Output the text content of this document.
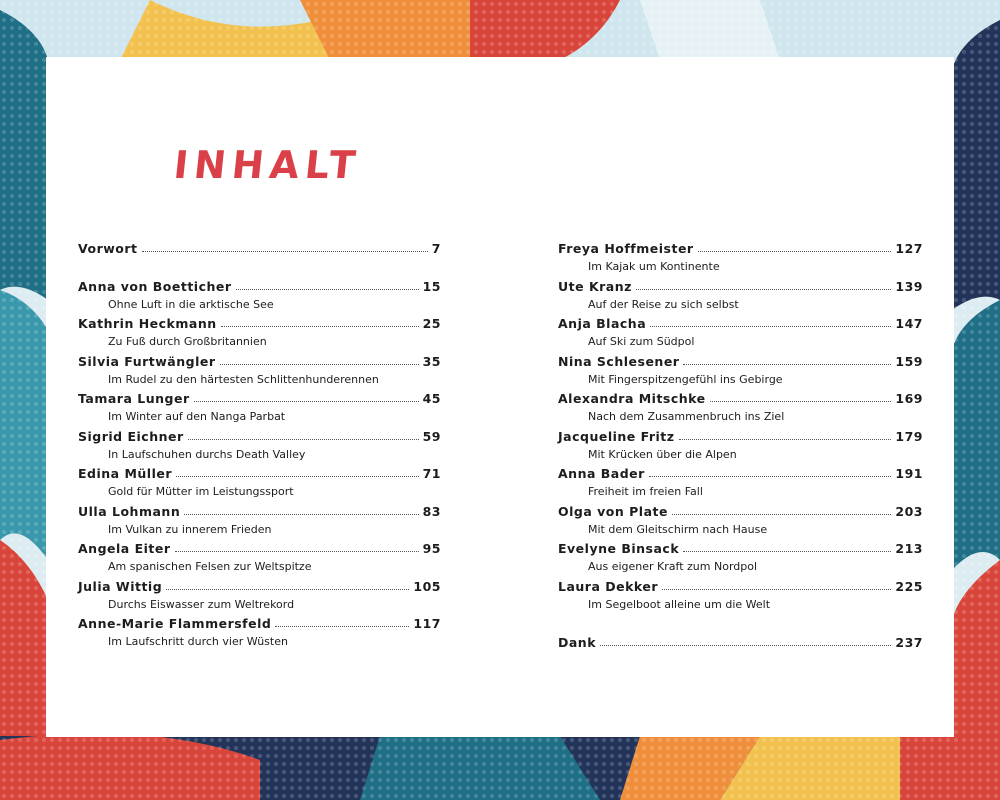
INHALT
Vorwort	7
Anna von Boetticher	15
Ohne Luft in die arktische See
Kathrin Heckmann	25
Zu Fuß durch Großbritannien
Silvia Furtwängler	35
Im Rudel zu den härtesten Schlittenhunderennen
Tamara Lunger	45
Im Winter auf den Nanga Parbat
Sigrid Eichner	59
In Laufschuhen durchs Death Valley
Edina Müller	71
Gold für Mütter im Leistungssport
Ulla Lohmann	83
Im Vulkan zu innerem Frieden
Angela Eiter	95
Am spanischen Felsen zur Weltspitze
Julia Wittig	105
Durchs Eiswasser zum Weltrekord
Anne-Marie Flammersfeld	117
Im Laufschritt durch vier Wüsten
Freya Hoffmeister	127
Im Kajak um Kontinente
Ute Kranz	139
Auf der Reise zu sich selbst
Anja Blacha	147
Auf Ski zum Südpol
Nina Schlesener	159
Mit Fingerspitzengefühl ins Gebirge
Alexandra Mitschke	169
Nach dem Zusammenbruch ins Ziel
Jacqueline Fritz	179
Mit Krücken über die Alpen
Anna Bader	191
Freiheit im freien Fall
Olga von Plate	203
Mit dem Gleitschirm nach Hause
Evelyne Binsack	213
Aus eigener Kraft zum Nordpol
Laura Dekker	225
Im Segelboot alleine um die Welt
Dank	237
